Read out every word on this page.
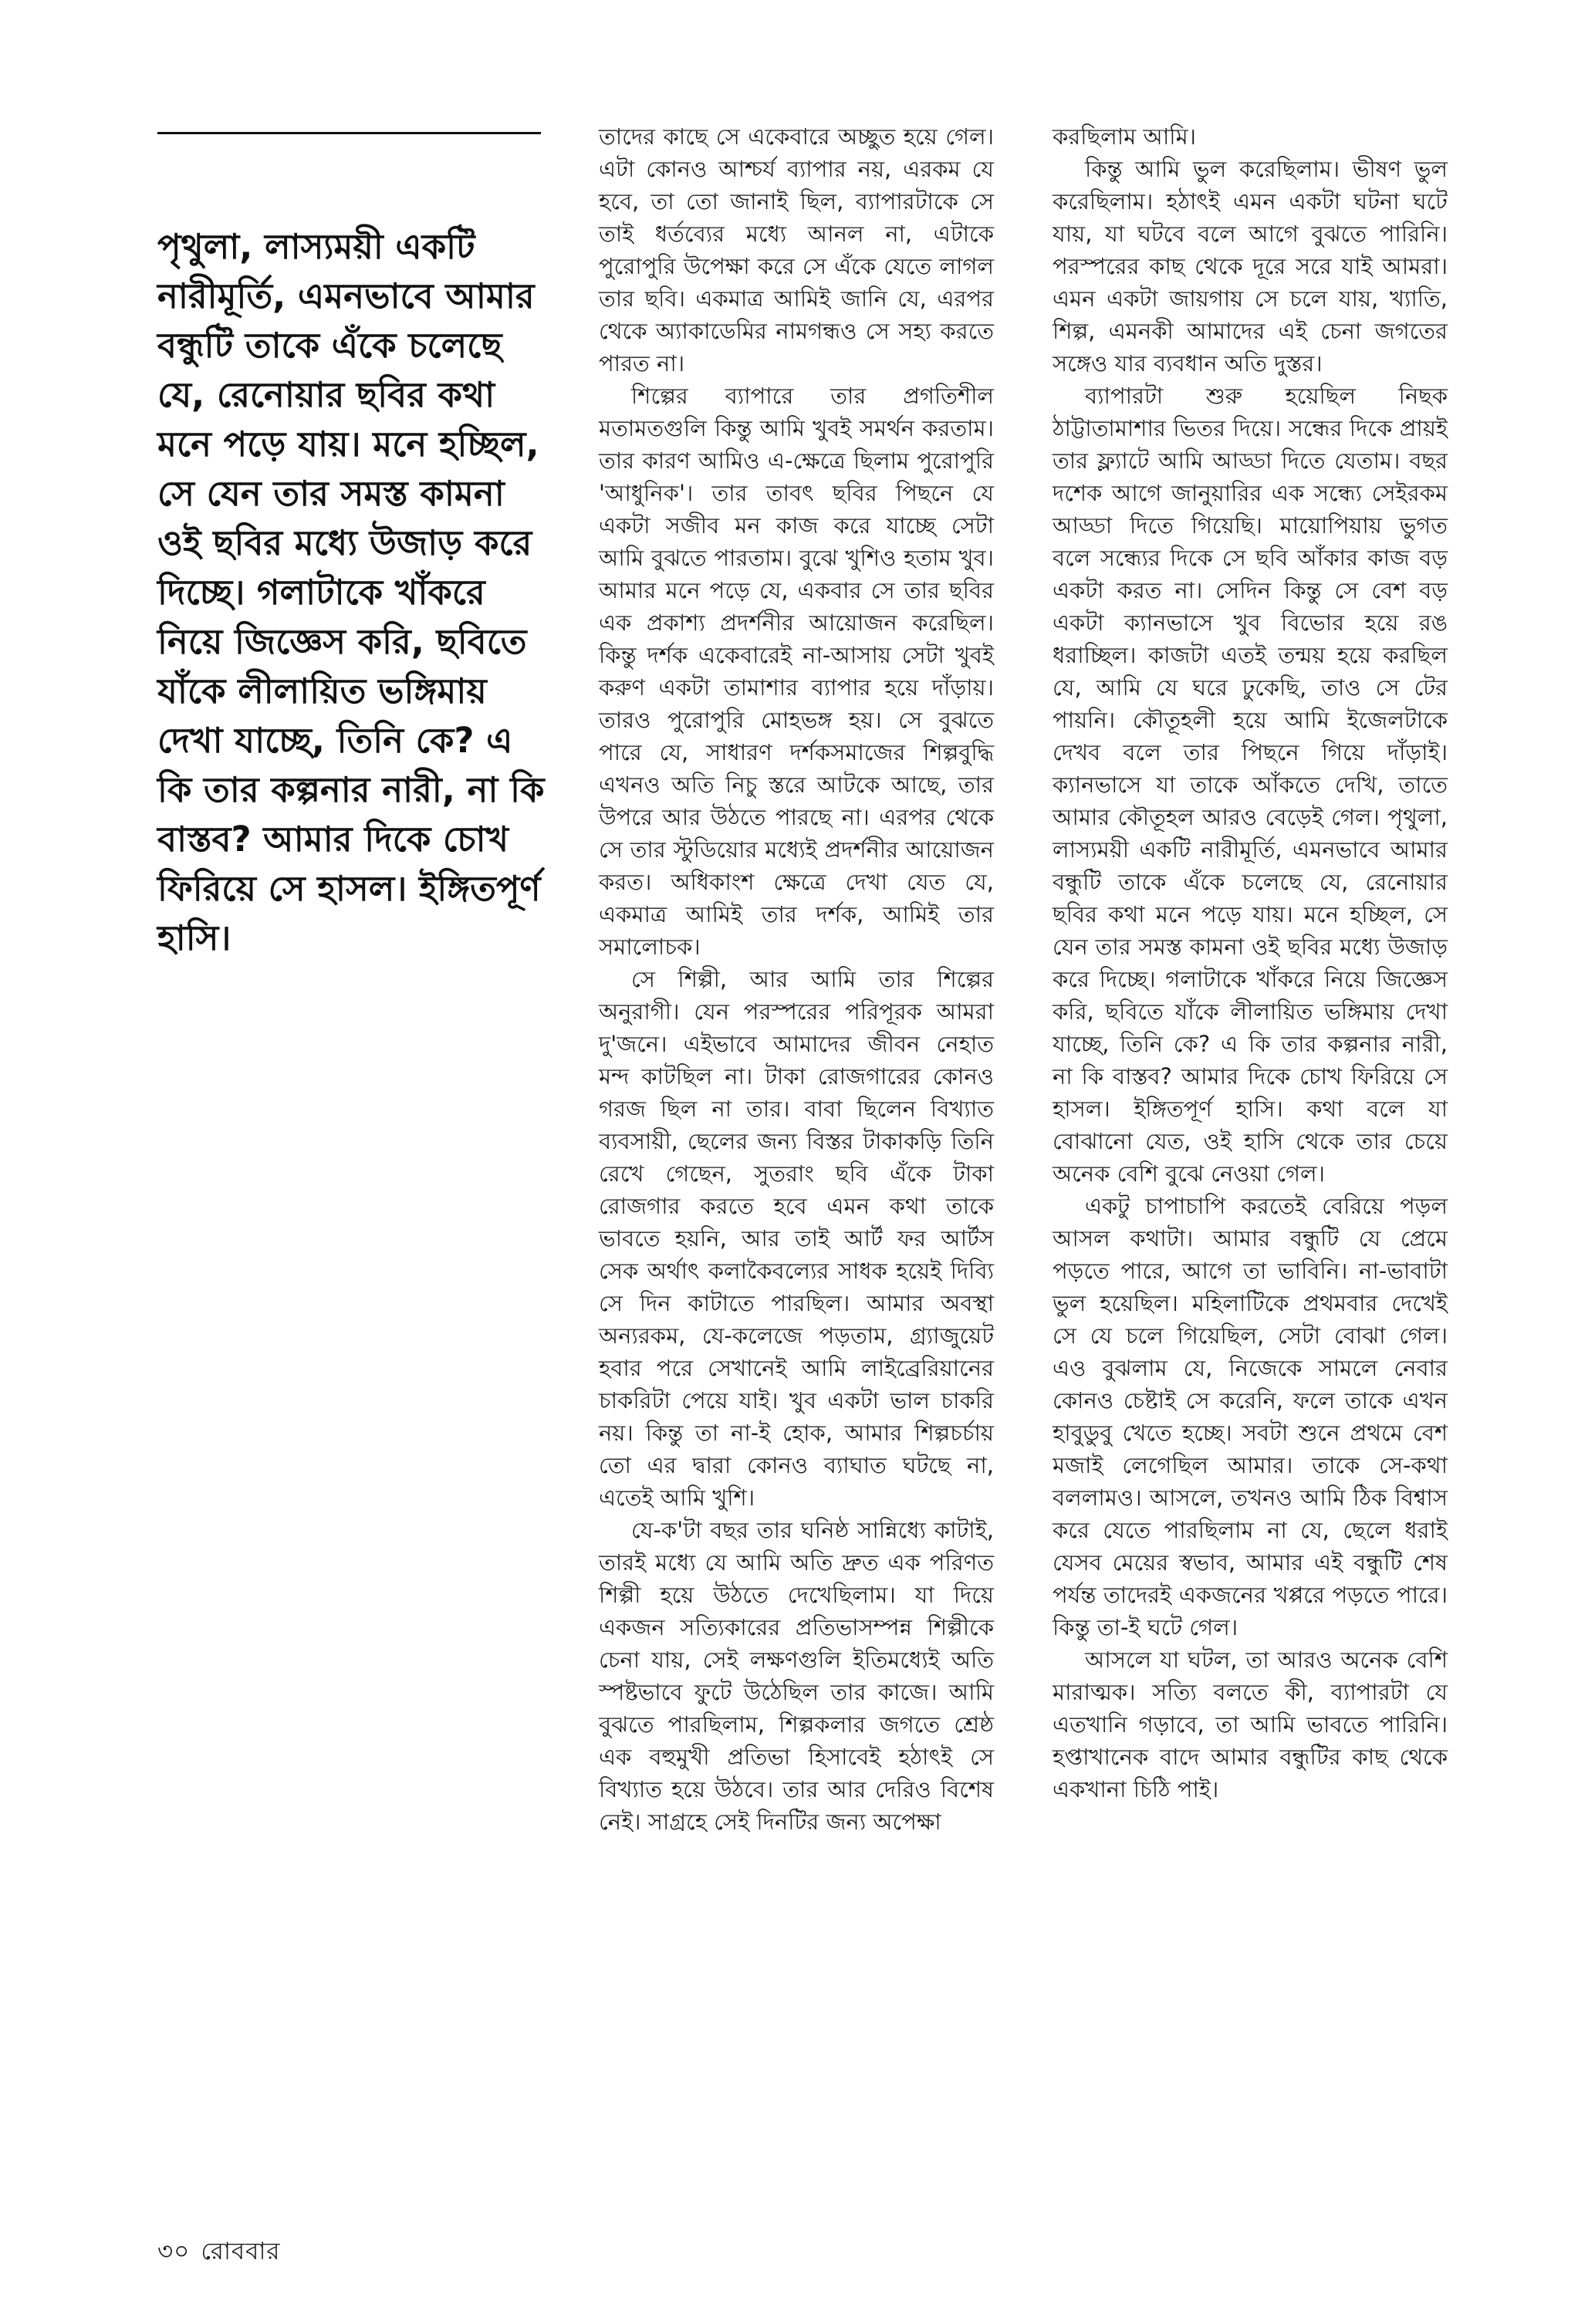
পৃথুলা, লাস্যময়ী একটি নারীমূর্তি, এমনভাবে আমার বন্ধুটি তাকে এঁকে চলেছে যে, রেনোয়ার ছবির কথা মনে পড়ে যায়। মনে হচ্ছিল, সে যেন তার সমস্ত কামনা ওই ছবির মধ্যে উজাড় করে দিচ্ছে। গলাটাকে খাঁকরে নিয়ে জিজ্ঞেস করি, ছবিতে যাঁকে লীলায়িত ভঙ্গিমায় দেখা যাচ্ছে, তিনি কে? এ কি তার কল্পনার নারী, না কি বাস্তব? আমার দিকে চোখ ফিরিয়ে সে হাসল। ইঙ্গিতপূর্ণ হাসি।

তাদের কাছে সে একেবারে অচ্ছুত হয়ে গেল। এটা কোনও আশ্চর্য ব্যাপার নয়, এরকম যে হবে, তা তো জানাই ছিল, ব্যাপারটাকে সে তাই ধর্তব্যের মধ্যে আনল না, এটাকে পুরোপুরি উপেক্ষা করে সে এঁকে যেতে লাগল তার ছবি। একমাত্র আমিই জানি যে, এরপর থেকে অ্যাকাডেমির নামগন্ধও সে সহ্য করতে পারত না।

শিল্পের ব্যাপারে তার প্রগতিশীল মতামতগুলি কিন্তু আমি খুবই সমর্থন করতাম। তার কারণ আমিও এ-ক্ষেত্রে ছিলাম পুরোপুরি 'আধুনিক'। তার তাবৎ ছবির পিছনে যে একটা সজীব মন কাজ করে যাচ্ছে সেটা আমি বুঝতে পারতাম। বুঝে খুশিও হতাম খুব। আমার মনে পড়ে যে, একবার সে তার ছবির এক প্রকাশ্য প্রদর্শনীর আয়োজন করেছিল। কিন্তু দর্শক একেবারেই না-আসায় সেটা খুবই করুণ একটা তামাশার ব্যাপার হয়ে দাঁড়ায়। তারও পুরোপুরি মোহভঙ্গ হয়। সে বুঝতে পারে যে, সাধারণ দর্শকসমাজের শিল্পবুদ্ধি এখনও অতি নিচু স্তরে আটকে আছে, তার উপরে আর উঠতে পারছে না। এরপর থেকে সে তার স্টুডিয়োর মধ্যেই প্রদর্শনীর আয়োজন করত। অধিকাংশ ক্ষেত্রে দেখা যেত যে, একমাত্র আমিই তার দর্শক, আমিই তার সমালোচক।

সে শিল্পী, আর আমি তার শিল্পের অনুরাগী। যেন পরস্পরের পরিপূরক আমরা দু'জনে। এইভাবে আমাদের জীবন নেহাত মন্দ কাটছিল না। টাকা রোজগারের কোনও গরজ ছিল না তার। বাবা ছিলেন বিখ্যাত ব্যবসায়ী, ছেলের জন্য বিস্তর টাকাকড়ি তিনি রেখে গেছেন, সুতরাং ছবি এঁকে টাকা রোজগার করতে হবে এমন কথা তাকে ভাবতে হয়নি, আর তাই আর্ট ফর আর্টস সেক অর্থাৎ কলাকৈবল্যের সাধক হয়েই দিব্যি সে দিন কাটাতে পারছিল। আমার অবস্থা অন্যরকম, যে-কলেজে পড়তাম, গ্র্যাজুয়েট হবার পরে সেখানেই আমি লাইব্রেরিয়ানের চাকরিটা পেয়ে যাই। খুব একটা ভাল চাকরি নয়। কিন্তু তা না-ই হোক, আমার শিল্পচর্চায় তো এর দ্বারা কোনও ব্যাঘাত ঘটছে না, এতেই আমি খুশি।

যে-ক'টা বছর তার ঘনিষ্ঠ সান্নিধ্যে কাটাই, তারই মধ্যে যে আমি অতি দ্রুত এক পরিণত শিল্পী হয়ে উঠতে দেখেছিলাম। যা দিয়ে একজন সত্যিকারের প্রতিভাসম্পন্ন শিল্পীকে চেনা যায়, সেই লক্ষণগুলি ইতিমধ্যেই অতি স্পষ্টভাবে ফুটে উঠেছিল তার কাজে। আমি বুঝতে পারছিলাম, শিল্পকলার জগতে শ্রেষ্ঠ এক বহুমুখী প্রতিভা হিসাবেই হঠাৎই সে বিখ্যাত হয়ে উঠবে। তার আর দেরিও বিশেষ নেই। সাগ্রহে সেই দিনটির জন্য অপেক্ষা

করছিলাম আমি।

কিন্তু আমি ভুল করেছিলাম। ভীষণ ভুল করেছিলাম। হঠাৎই এমন একটা ঘটনা ঘটে যায়, যা ঘটবে বলে আগে বুঝতে পারিনি। পরস্পরের কাছ থেকে দূরে সরে যাই আমরা। এমন একটা জায়গায় সে চলে যায়, খ্যাতি, শিল্প, এমনকী আমাদের এই চেনা জগতের সঙ্গেও যার ব্যবধান অতি দুস্তর।

ব্যাপারটা শুরু হয়েছিল নিছক ঠাট্টাতামাশার ভিতর দিয়ে। সন্ধের দিকে প্রায়ই তার ফ্ল্যাটে আমি আড্ডা দিতে যেতাম। বছর দশেক আগে জানুয়ারির এক সন্ধ্যে সেইরকম আড্ডা দিতে গিয়েছি। মায়োপিয়ায় ভুগত বলে সন্ধ্যের দিকে সে ছবি আঁকার কাজ বড় একটা করত না। সেদিন কিন্তু সে বেশ বড় একটা ক্যানভাসে খুব বিভোর হয়ে রঙ ধরাচ্ছিল। কাজটা এতই তন্ময় হয়ে করছিল যে, আমি যে ঘরে ঢুকেছি, তাও সে টের পায়নি। কৌতূহলী হয়ে আমি ইজেলটাকে দেখব বলে তার পিছনে গিয়ে দাঁড়াই। ক্যানভাসে যা তাকে আঁকতে দেখি, তাতে আমার কৌতূহল আরও বেড়েই গেল। পৃথুলা, লাস্যময়ী একটি নারীমূর্তি, এমনভাবে আমার বন্ধুটি তাকে এঁকে চলেছে যে, রেনোয়ার ছবির কথা মনে পড়ে যায়। মনে হচ্ছিল, সে যেন তার সমস্ত কামনা ওই ছবির মধ্যে উজাড় করে দিচ্ছে। গলাটাকে খাঁকরে নিয়ে জিজ্ঞেস করি, ছবিতে যাঁকে লীলায়িত ভঙ্গিমায় দেখা যাচ্ছে, তিনি কে? এ কি তার কল্পনার নারী, না কি বাস্তব? আমার দিকে চোখ ফিরিয়ে সে হাসল। ইঙ্গিতপূর্ণ হাসি। কথা বলে যা বোঝানো যেত, ওই হাসি থেকে তার চেয়ে অনেক বেশি বুঝে নেওয়া গেল।

একটু চাপাচাপি করতেই বেরিয়ে পড়ল আসল কথাটা। আমার বন্ধুটি যে প্রেমে পড়তে পারে, আগে তা ভাবিনি। না-ভাবাটা ভুল হয়েছিল। মহিলাটিকে প্রথমবার দেখেই সে যে চলে গিয়েছিল, সেটা বোঝা গেল। এও বুঝলাম যে, নিজেকে সামলে নেবার কোনও চেষ্টাই সে করেনি, ফলে তাকে এখন হাবুডুবু খেতে হচ্ছে। সবটা শুনে প্রথমে বেশ মজাই লেগেছিল আমার। তাকে সে-কথা বললামও। আসলে, তখনও আমি ঠিক বিশ্বাস করে যেতে পারছিলাম না যে, ছেলে ধরাই যেসব মেয়ের স্বভাব, আমার এই বন্ধুটি শেষ পর্যন্ত তাদেরই একজনের খপ্পরে পড়তে পারে। কিন্তু তা-ই ঘটে গেল।

আসলে যা ঘটল, তা আরও অনেক বেশি মারাত্মক। সত্যি বলতে কী, ব্যাপারটা যে এতখানি গড়াবে, তা আমি ভাবতে পারিনি। হপ্তাখানেক বাদে আমার বন্ধুটির কাছ থেকে একখানা চিঠি পাই।

৩০ রোববার
